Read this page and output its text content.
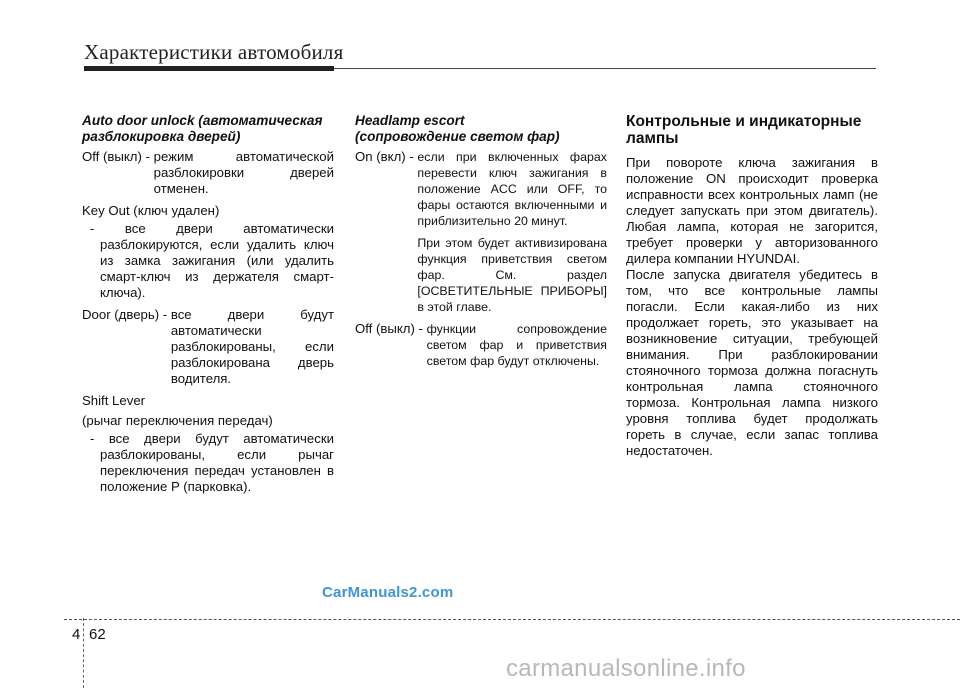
Характеристики автомобиля
Auto door unlock (автоматическая
разблокировка дверей)
Off (выкл) - режим автоматической разблокировки дверей отменен.

Key Out (ключ удален)

- все двери автоматически разблокируются, если удалить ключ из замка зажигания (или удалить смарт-ключ из держателя смарт-ключа).
Door (дверь) - все двери будут автоматически разблокированы, если разблокирована дверь водителя.

Shift Lever

(рычаг переключения передач)

- все двери будут автоматически разблокированы, если рычаг переключения передач установлен в положение P (парковка).
Headlamp escort
(сопровождение светом фар)
On (вкл) - если при включенных фарах перевести ключ зажигания в положение ACC или OFF, то фары остаются включенными и приблизительно 20 минут.
При этом будет активизирована функция приветствия светом фар. См. раздел [ОСВЕТИТЕЛЬНЫЕ ПРИБОРЫ] в этой главе.
Off (выкл) - функции сопровождение светом фар и приветствия светом фар будут отключены.
Контрольные и индикаторные
лампы

При повороте ключа зажигания в положение ON происходит проверка исправности всех контрольных ламп (не следует запускать при этом двигатель). Любая лампа, которая не загорится, требует проверки у авторизованного дилера компании HYUNDAI.

После запуска двигателя убедитесь в том, что все контрольные лампы погасли. Если какая-либо из них продолжает гореть, это указывает на возникновение ситуации, требующей внимания. При разблокировании стояночного тормоза должна погаснуть контрольная лампа стояночного тормоза. Контрольная лампа низкого уровня топлива будет продолжать гореть в случае, если запас топлива недостаточен.

CarManuals2.com
4 62
carmanualsonline.info
